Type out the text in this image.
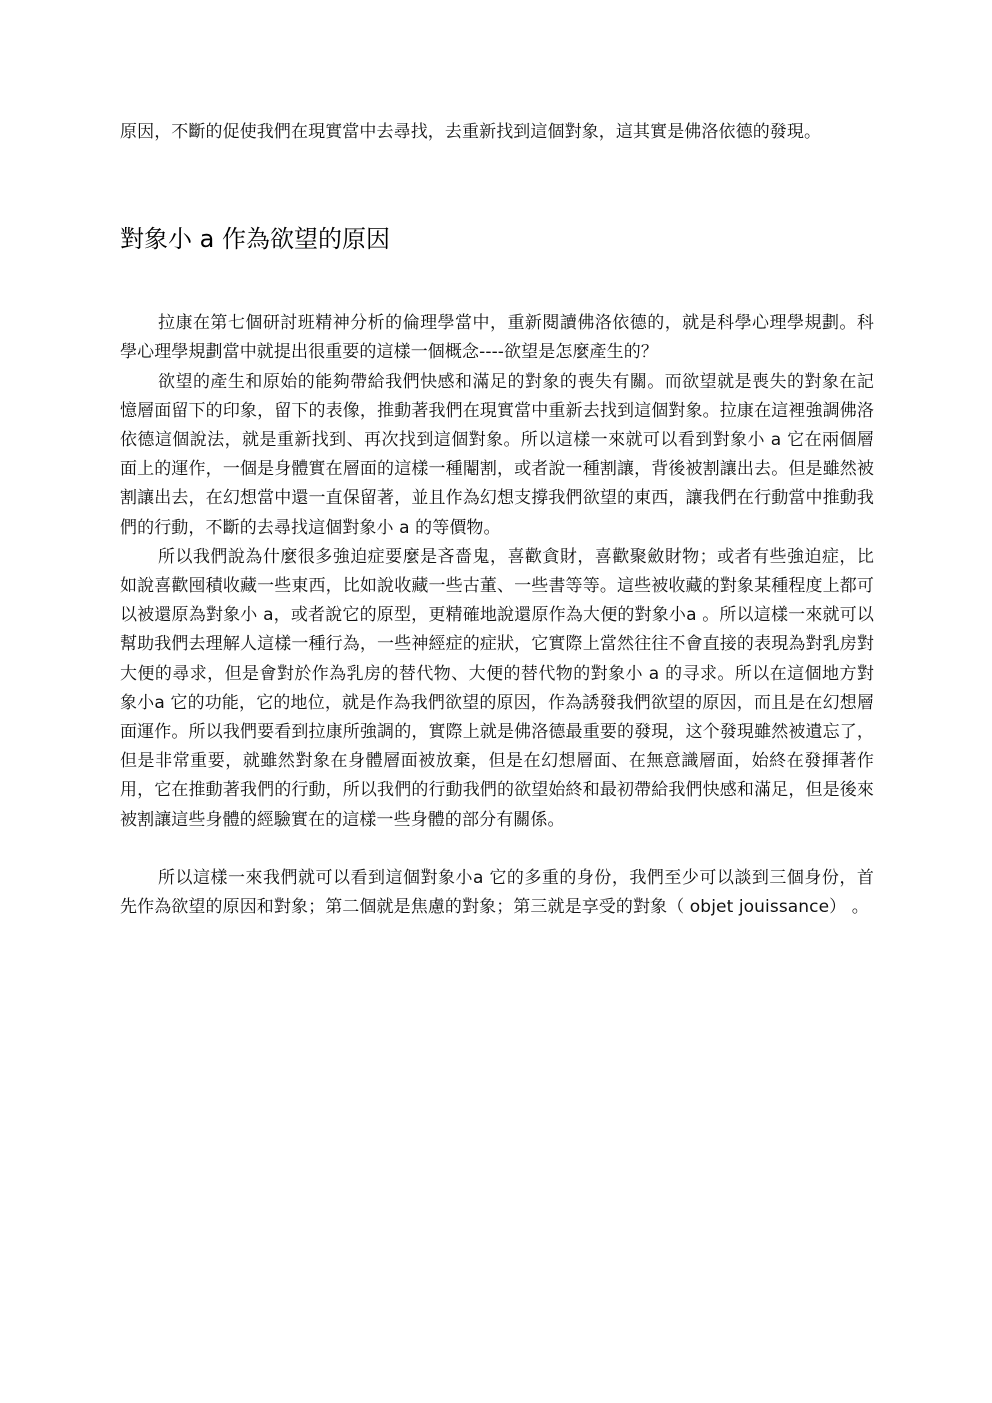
原因，不斷的促使我們在現實當中去尋找，去重新找到這個對象，這其實是佛洛依德的發現。

對象小 a 作為欲望的原因

拉康在第七個研討班精神分析的倫理學當中，重新閱讀佛洛依德的，就是科學心理學規劃。科學心理學規劃當中就提出很重要的這樣一個概念----欲望是怎麼產生的？

欲望的產生和原始的能夠帶給我們快感和滿足的對象的喪失有關。而欲望就是喪失的對象在記憶層面留下的印象，留下的表像，推動著我們在現實當中重新去找到這個對象。拉康在這裡強調佛洛依德這個說法，就是重新找到、再次找到這個對象。所以這樣一來就可以看到對象小 a 它在兩個層面上的運作，一個是身體實在層面的這樣一種閹割，或者說一種割讓，背後被割讓出去。但是雖然被割讓出去，在幻想當中還一直保留著，並且作為幻想支撐我們欲望的東西，讓我們在行動當中推動我們的行動，不斷的去尋找這個對象小 a 的等價物。

所以我們說為什麼很多強迫症要麼是吝嗇鬼，喜歡貪財，喜歡聚斂財物；或者有些強迫症，比如說喜歡囤積收藏一些東西，比如說收藏一些古董、一些書等等。這些被收藏的對象某種程度上都可以被還原為對象小 a，或者說它的原型，更精確地說還原作為大便的對象小a 。所以這樣一來就可以幫助我們去理解人這樣一種行為，一些神經症的症狀，它實際上當然往往不會直接的表現為對乳房對大便的尋求，但是會對於作為乳房的替代物、大便的替代物的對象小 a 的寻求。所以在這個地方對象小a 它的功能，它的地位，就是作為我們欲望的原因，作為誘發我們欲望的原因，而且是在幻想層面運作。所以我們要看到拉康所強調的，實際上就是佛洛德最重要的發現，这个發現雖然被遺忘了，但是非常重要，就雖然對象在身體層面被放棄，但是在幻想層面、在無意識層面，始終在發揮著作用，它在推動著我們的行動，所以我們的行動我們的欲望始終和最初帶給我們快感和滿足，但是後來被割讓這些身體的經驗實在的這樣一些身體的部分有關係。

所以這樣一來我們就可以看到這個對象小a 它的多重的身份，我們至少可以談到三個身份，首先作為欲望的原因和對象；第二個就是焦慮的對象；第三就是享受的對象（ objet jouissance） 。
